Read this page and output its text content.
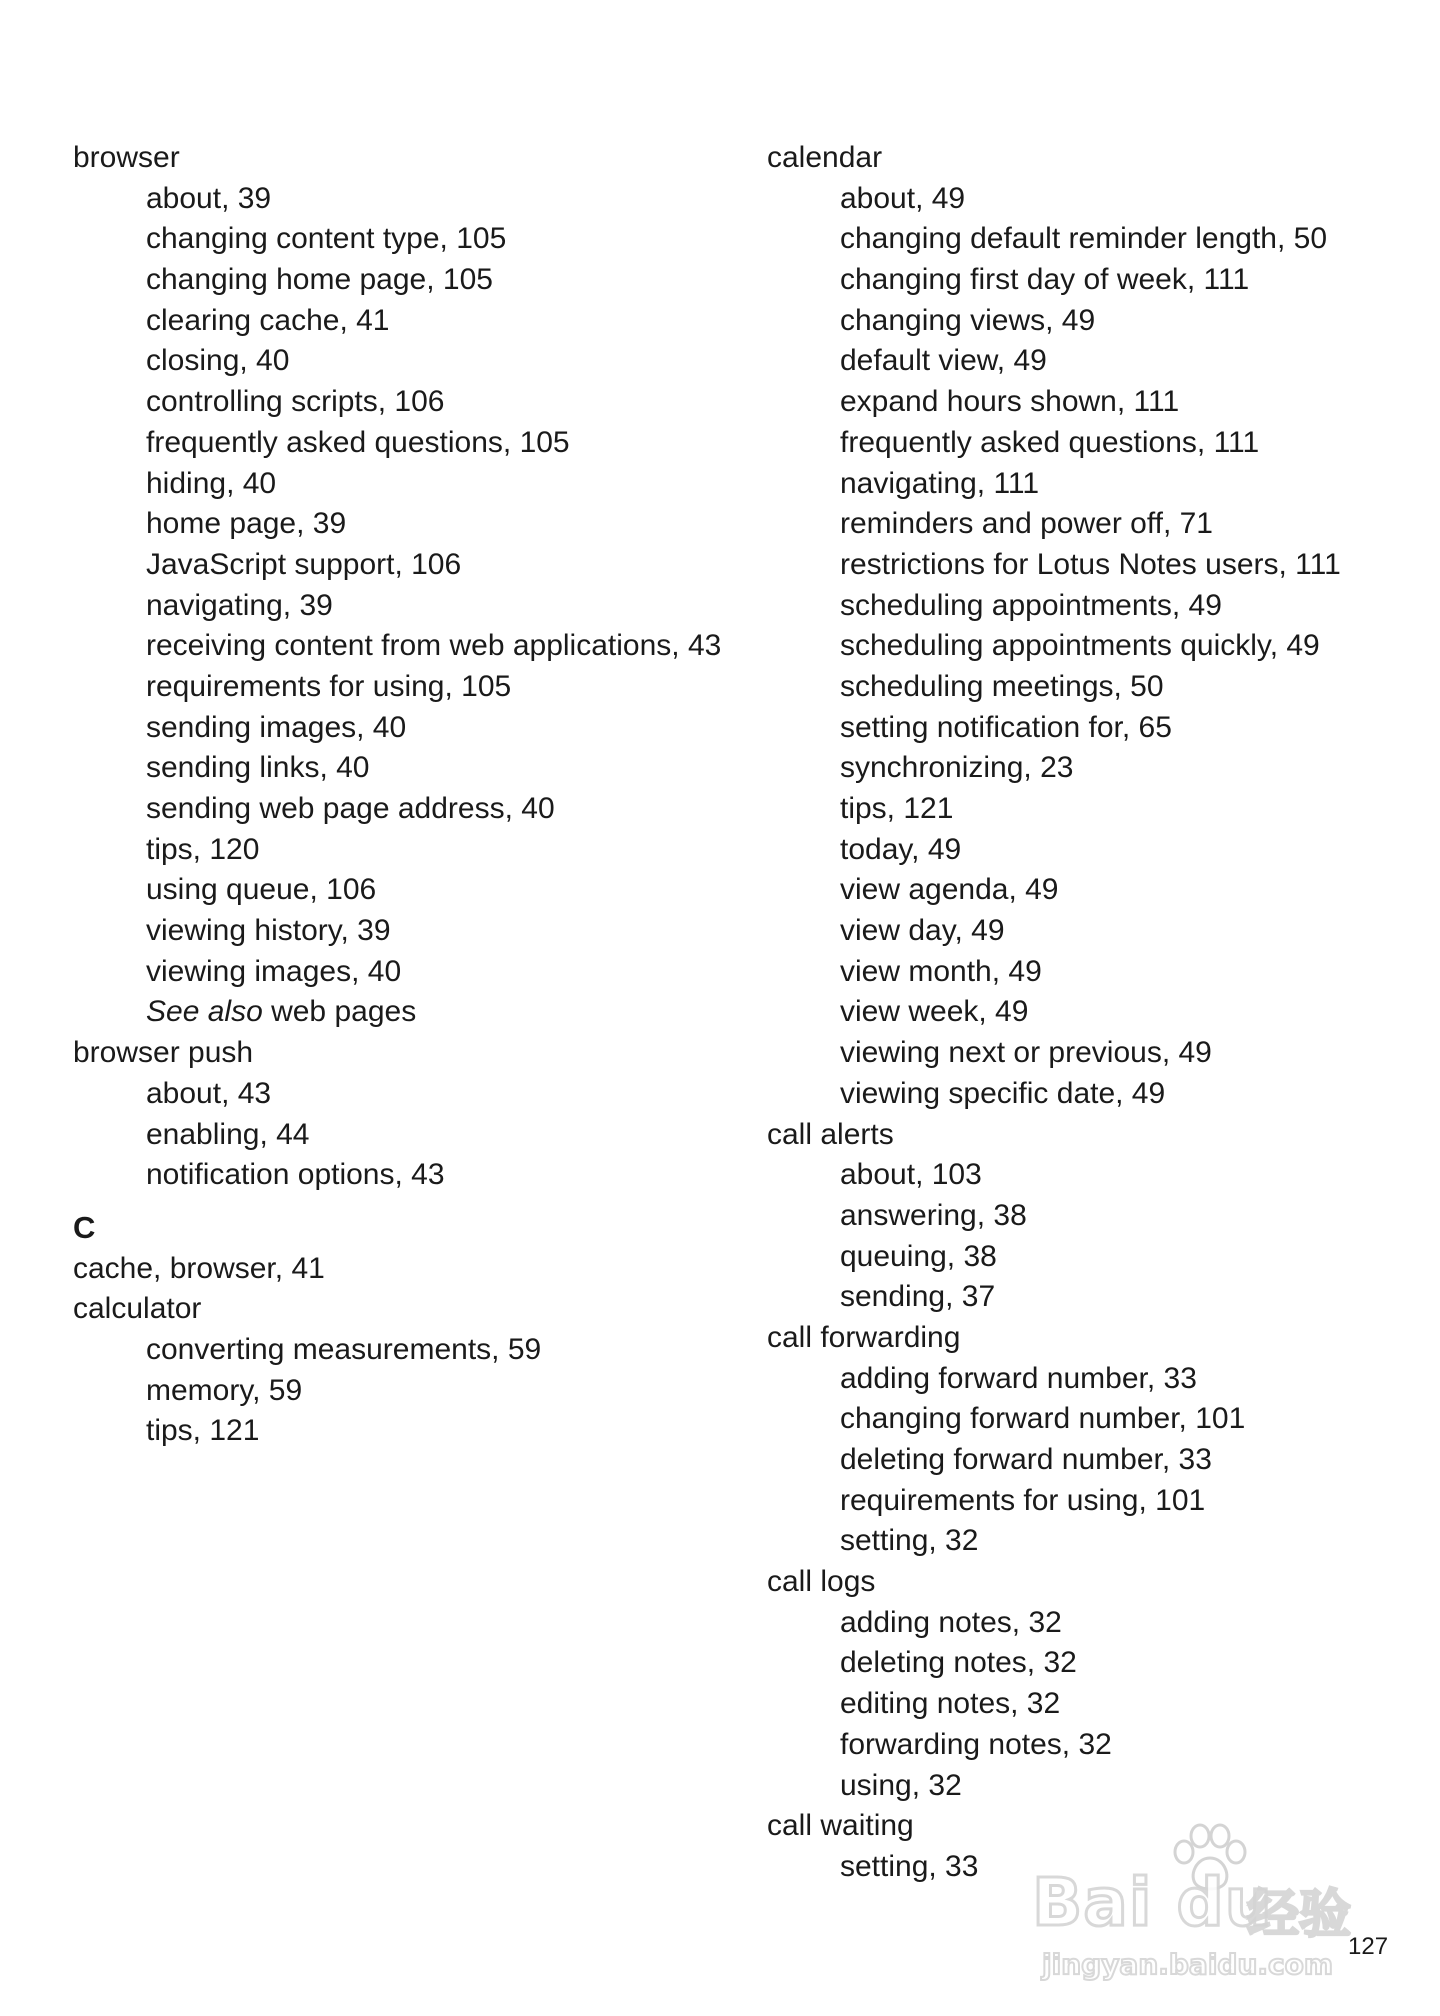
browser
about, 39
changing content type, 105
changing home page, 105
clearing cache, 41
closing, 40
controlling scripts, 106
frequently asked questions, 105
hiding, 40
home page, 39
JavaScript support, 106
navigating, 39
receiving content from web applications, 43
requirements for using, 105
sending images, 40
sending links, 40
sending web page address, 40
tips, 120
using queue, 106
viewing history, 39
viewing images, 40
See also web pages
browser push
about, 43
enabling, 44
notification options, 43
C
cache, browser, 41
calculator
converting measurements, 59
memory, 59
tips, 121
calendar
about, 49
changing default reminder length, 50
changing first day of week, 111
changing views, 49
default view, 49
expand hours shown, 111
frequently asked questions, 111
navigating, 111
reminders and power off, 71
restrictions for Lotus Notes users, 111
scheduling appointments, 49
scheduling appointments quickly, 49
scheduling meetings, 50
setting notification for, 65
synchronizing, 23
tips, 121
today, 49
view agenda, 49
view day, 49
view month, 49
view week, 49
viewing next or previous, 49
viewing specific date, 49
call alerts
about, 103
answering, 38
queuing, 38
sending, 37
call forwarding
adding forward number, 33
changing forward number, 101
deleting forward number, 33
requirements for using, 101
setting, 32
call logs
adding notes, 32
deleting notes, 32
editing notes, 32
forwarding notes, 32
using, 32
call waiting
setting, 33
127
Bai du
经验
jingyan.baidu.com
